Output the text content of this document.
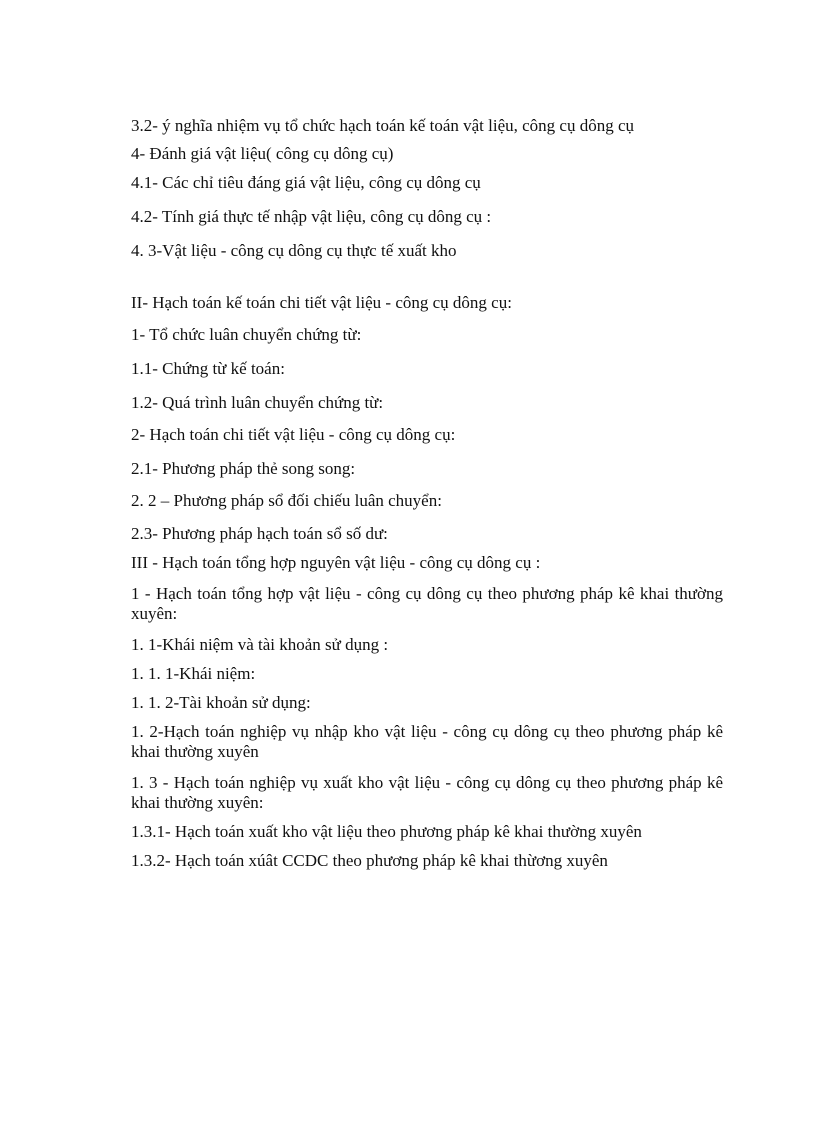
3.2- ý nghĩa nhiệm vụ tổ chức hạch toán kế toán vật liệu, công cụ dông cụ
4- Đánh giá vật liệu( công cụ dông cụ)
4.1- Các chỉ tiêu đáng giá vật liệu, công cụ dông cụ
4.2- Tính giá thực tế nhập vật liệu, công cụ dông cụ :
4. 3-Vật liệu - công cụ dông cụ thực tế xuất kho
II- Hạch toán kế toán chi tiết vật liệu - công cụ dông cụ:
1- Tổ chức luân chuyển chứng từ:
1.1- Chứng từ kế toán:
1.2- Quá trình luân chuyển chứng từ:
2- Hạch toán chi tiết vật liệu - công cụ dông cụ:
2.1- Phương pháp thẻ song song:
2. 2 – Phương pháp sổ đối chiếu luân chuyển:
2.3- Phương pháp hạch toán sổ số dư:
III - Hạch toán tổng hợp nguyên vật liệu - công cụ dông cụ :
1 - Hạch toán tổng hợp vật liệu - công cụ dông cụ theo phương pháp kê khai thường xuyên:
1. 1-Khái niệm và tài khoản sử dụng :
1. 1. 1-Khái niệm:
1. 1. 2-Tài khoản sử dụng:
1. 2-Hạch toán nghiệp vụ nhập kho vật liệu - công cụ dông cụ theo phương pháp kê khai thường xuyên
1. 3 - Hạch toán nghiệp vụ xuất kho vật liệu - công cụ dông cụ theo phương pháp kê khai thường xuyên:
1.3.1- Hạch toán xuất kho vật liệu theo phương pháp kê khai thường xuyên
1.3.2- Hạch toán xúât CCDC theo phương pháp kê khai thừơng xuyên
